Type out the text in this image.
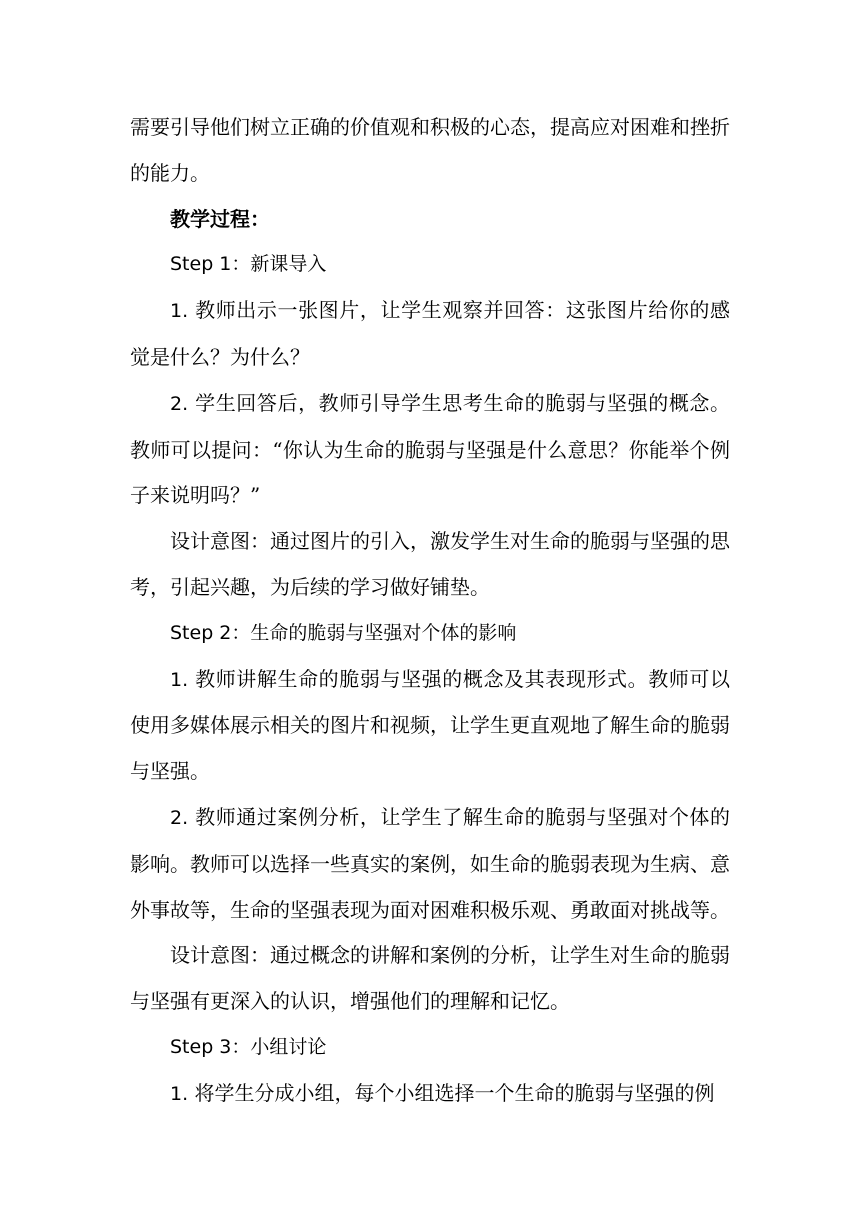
需要引导他们树立正确的价值观和积极的心态，提高应对困难和挫折的能力。

教学过程：

Step 1：新课导入

1. 教师出示一张图片，让学生观察并回答：这张图片给你的感觉是什么？为什么？

2. 学生回答后，教师引导学生思考生命的脆弱与坚强的概念。教师可以提问：“你认为生命的脆弱与坚强是什么意思？你能举个例子来说明吗？”

设计意图：通过图片的引入，激发学生对生命的脆弱与坚强的思考，引起兴趣，为后续的学习做好铺垫。

Step 2：生命的脆弱与坚强对个体的影响

1. 教师讲解生命的脆弱与坚强的概念及其表现形式。教师可以使用多媒体展示相关的图片和视频，让学生更直观地了解生命的脆弱与坚强。

2. 教师通过案例分析，让学生了解生命的脆弱与坚强对个体的影响。教师可以选择一些真实的案例，如生命的脆弱表现为生病、意外事故等，生命的坚强表现为面对困难积极乐观、勇敢面对挑战等。

设计意图：通过概念的讲解和案例的分析，让学生对生命的脆弱与坚强有更深入的认识，增强他们的理解和记忆。

Step 3：小组讨论

1. 将学生分成小组，每个小组选择一个生命的脆弱与坚强的例
